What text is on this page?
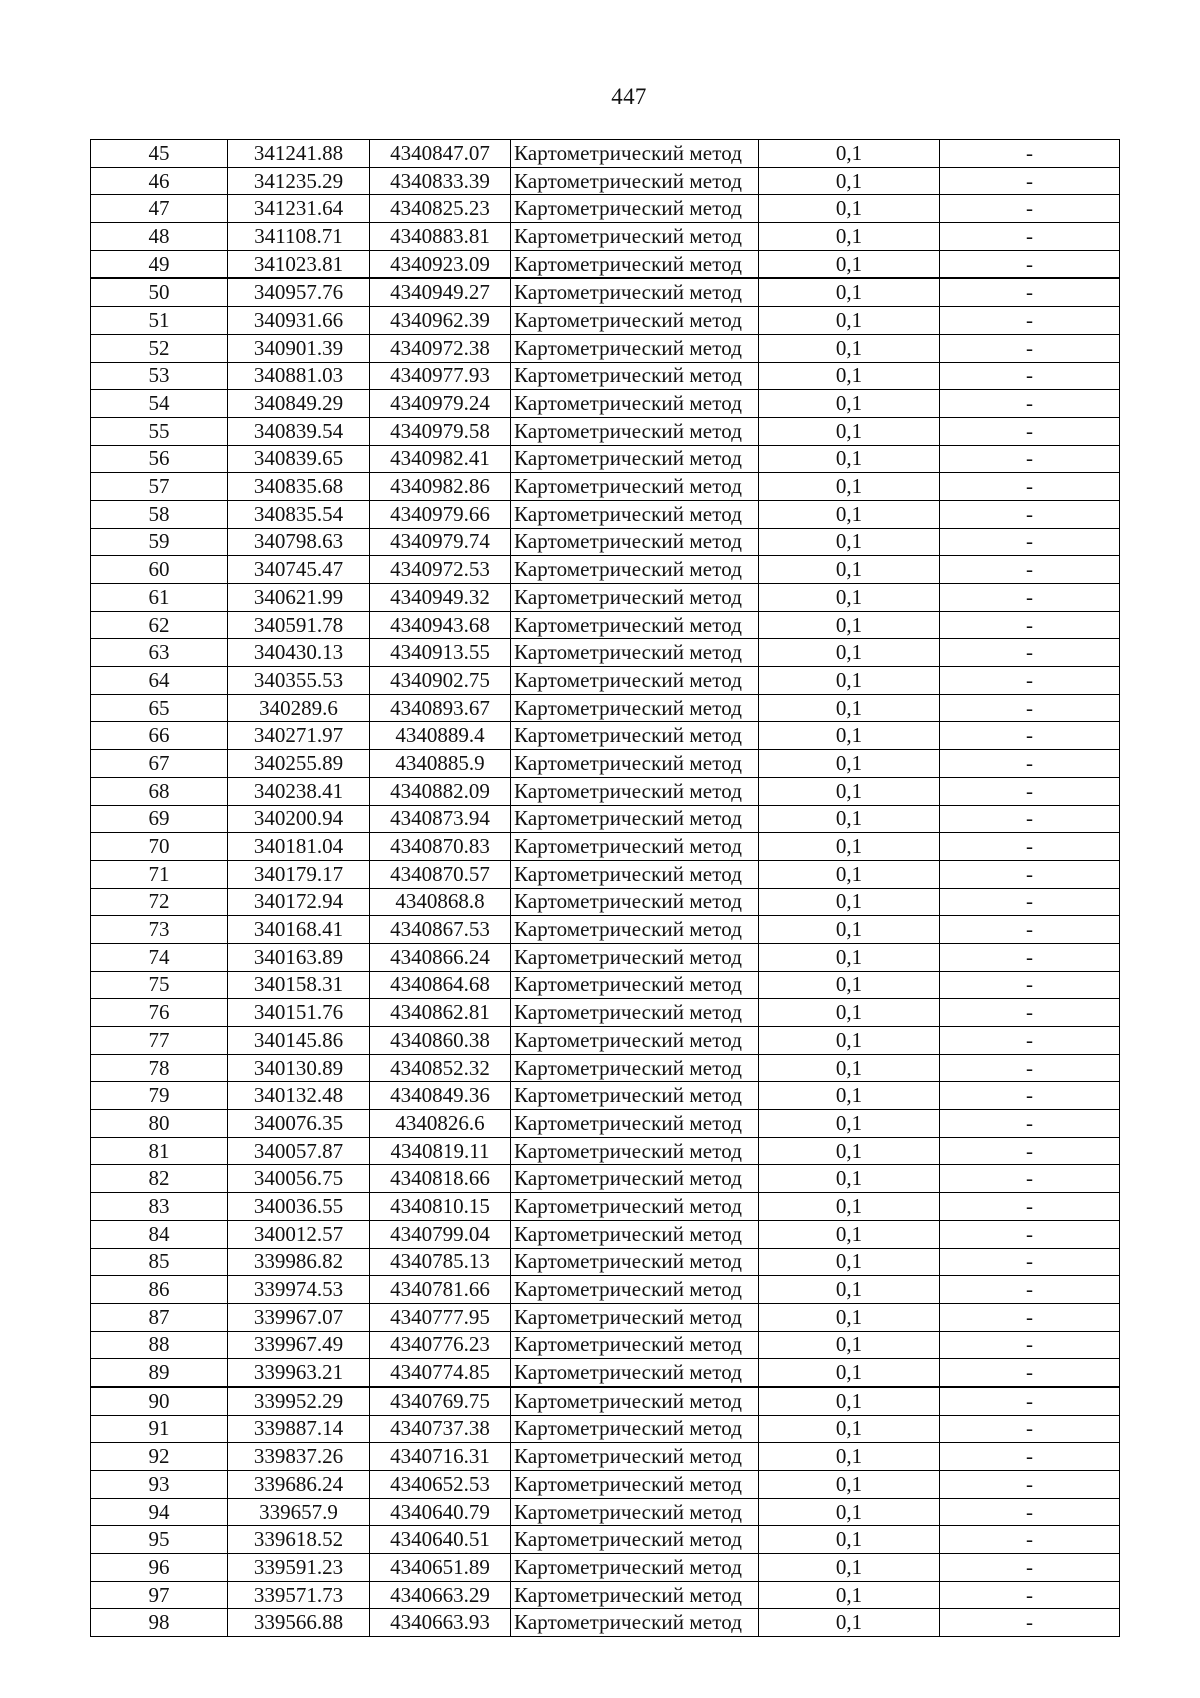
447
45	341241.88	4340847.07	Картометрический метод	0,1	-
46	341235.29	4340833.39	Картометрический метод	0,1	-
47	341231.64	4340825.23	Картометрический метод	0,1	-
48	341108.71	4340883.81	Картометрический метод	0,1	-
49	341023.81	4340923.09	Картометрический метод	0,1	-
50	340957.76	4340949.27	Картометрический метод	0,1	-
51	340931.66	4340962.39	Картометрический метод	0,1	-
52	340901.39	4340972.38	Картометрический метод	0,1	-
53	340881.03	4340977.93	Картометрический метод	0,1	-
54	340849.29	4340979.24	Картометрический метод	0,1	-
55	340839.54	4340979.58	Картометрический метод	0,1	-
56	340839.65	4340982.41	Картометрический метод	0,1	-
57	340835.68	4340982.86	Картометрический метод	0,1	-
58	340835.54	4340979.66	Картометрический метод	0,1	-
59	340798.63	4340979.74	Картометрический метод	0,1	-
60	340745.47	4340972.53	Картометрический метод	0,1	-
61	340621.99	4340949.32	Картометрический метод	0,1	-
62	340591.78	4340943.68	Картометрический метод	0,1	-
63	340430.13	4340913.55	Картометрический метод	0,1	-
64	340355.53	4340902.75	Картометрический метод	0,1	-
65	340289.6	4340893.67	Картометрический метод	0,1	-
66	340271.97	4340889.4	Картометрический метод	0,1	-
67	340255.89	4340885.9	Картометрический метод	0,1	-
68	340238.41	4340882.09	Картометрический метод	0,1	-
69	340200.94	4340873.94	Картометрический метод	0,1	-
70	340181.04	4340870.83	Картометрический метод	0,1	-
71	340179.17	4340870.57	Картометрический метод	0,1	-
72	340172.94	4340868.8	Картометрический метод	0,1	-
73	340168.41	4340867.53	Картометрический метод	0,1	-
74	340163.89	4340866.24	Картометрический метод	0,1	-
75	340158.31	4340864.68	Картометрический метод	0,1	-
76	340151.76	4340862.81	Картометрический метод	0,1	-
77	340145.86	4340860.38	Картометрический метод	0,1	-
78	340130.89	4340852.32	Картометрический метод	0,1	-
79	340132.48	4340849.36	Картометрический метод	0,1	-
80	340076.35	4340826.6	Картометрический метод	0,1	-
81	340057.87	4340819.11	Картометрический метод	0,1	-
82	340056.75	4340818.66	Картометрический метод	0,1	-
83	340036.55	4340810.15	Картометрический метод	0,1	-
84	340012.57	4340799.04	Картометрический метод	0,1	-
85	339986.82	4340785.13	Картометрический метод	0,1	-
86	339974.53	4340781.66	Картометрический метод	0,1	-
87	339967.07	4340777.95	Картометрический метод	0,1	-
88	339967.49	4340776.23	Картометрический метод	0,1	-
89	339963.21	4340774.85	Картометрический метод	0,1	-
90	339952.29	4340769.75	Картометрический метод	0,1	-
91	339887.14	4340737.38	Картометрический метод	0,1	-
92	339837.26	4340716.31	Картометрический метод	0,1	-
93	339686.24	4340652.53	Картометрический метод	0,1	-
94	339657.9	4340640.79	Картометрический метод	0,1	-
95	339618.52	4340640.51	Картометрический метод	0,1	-
96	339591.23	4340651.89	Картометрический метод	0,1	-
97	339571.73	4340663.29	Картометрический метод	0,1	-
98	339566.88	4340663.93	Картометрический метод	0,1	-
